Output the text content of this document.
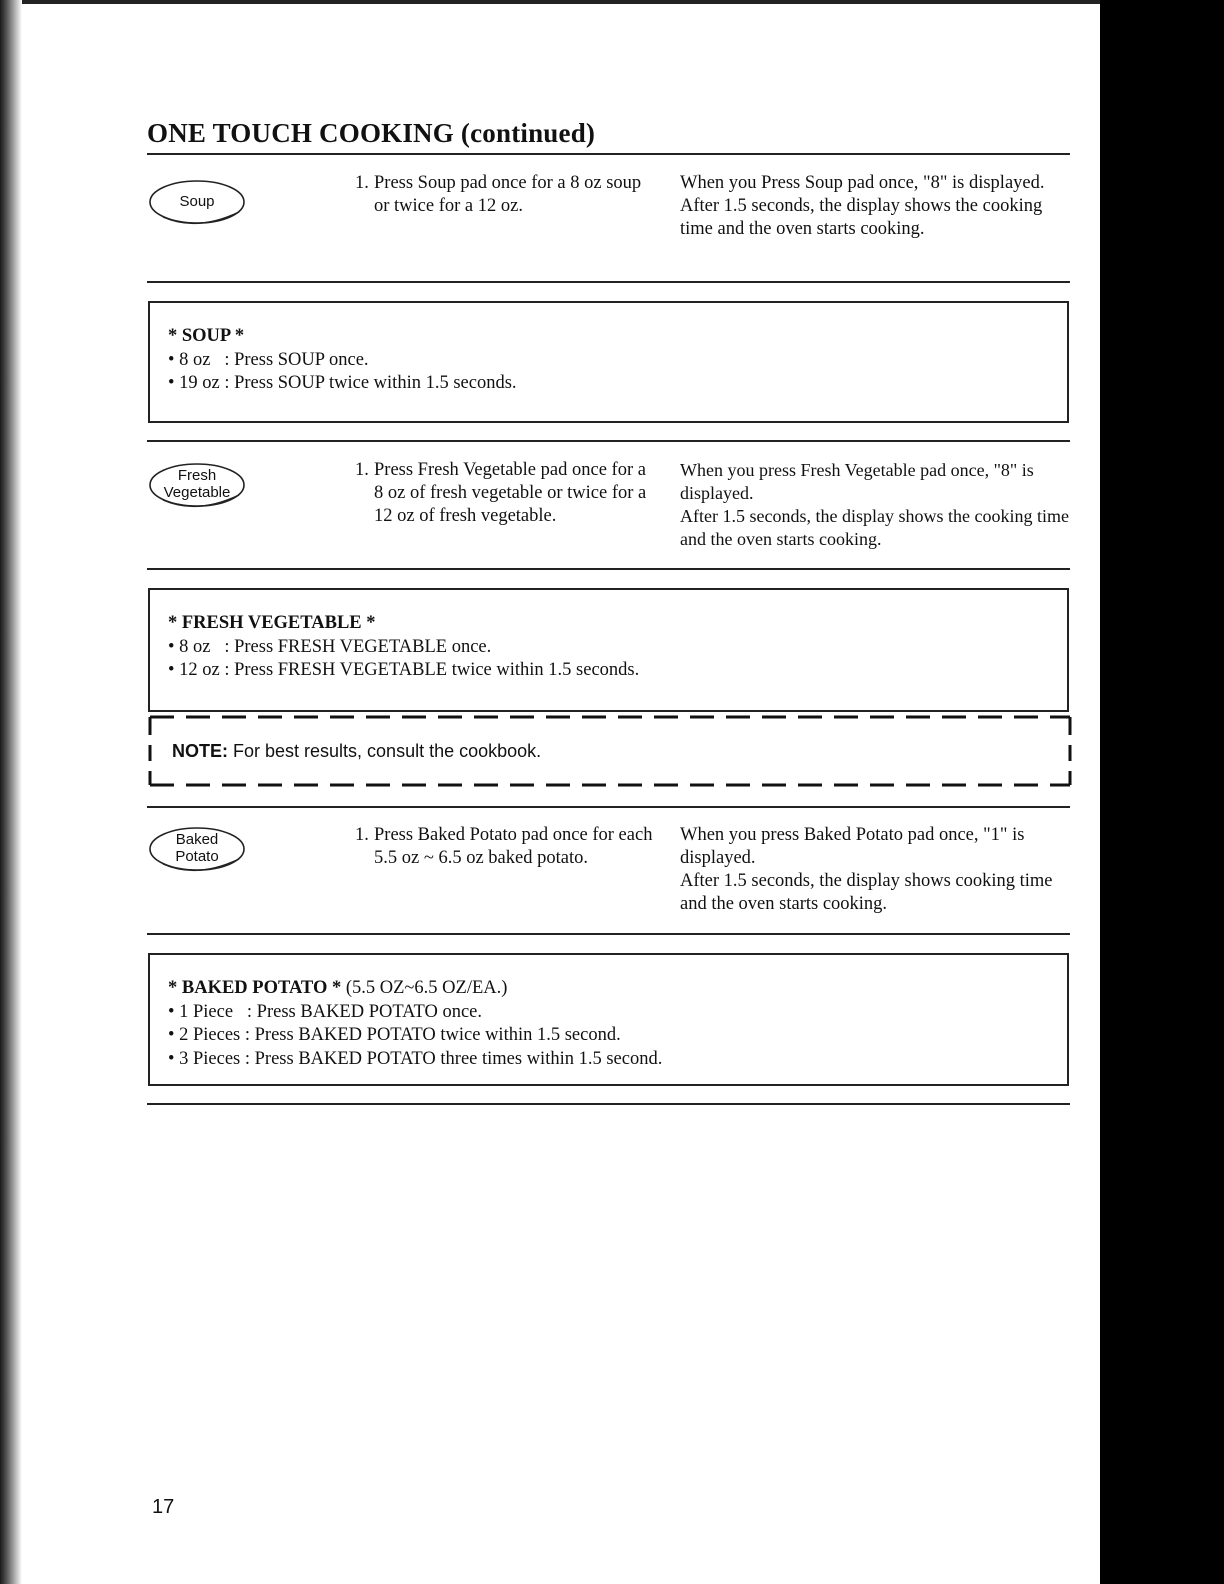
ONE TOUCH COOKING (continued)
Soup
1. Press Soup pad once for a 8 oz soup or twice for a 12 oz.

When you Press Soup pad once, "8" is displayed.

After 1.5 seconds, the display shows the cooking time and the oven starts cooking.

* SOUP *
• 8 oz   : Press SOUP once.
• 19 oz : Press SOUP twice within 1.5 seconds.
Fresh
Vegetable
1. Press Fresh Vegetable pad once for a 8 oz of fresh vegetable or twice for a 12 oz of fresh vegetable.

When you press Fresh Vegetable pad once, "8" is displayed.

After 1.5 seconds, the display shows the cooking time and the oven starts cooking.

* FRESH VEGETABLE *
• 8 oz   : Press FRESH VEGETABLE once.
• 12 oz : Press FRESH VEGETABLE twice within 1.5 seconds.
NOTE: For best results, consult the cookbook.
Baked
Potato
1. Press Baked Potato pad once for each 5.5 oz ~ 6.5 oz baked potato.

When you press Baked Potato pad once, "1" is displayed.

After 1.5 seconds, the display shows cooking time and the oven starts cooking.

* BAKED POTATO * (5.5 OZ~6.5 OZ/EA.)
• 1 Piece   : Press BAKED POTATO once.
• 2 Pieces : Press BAKED POTATO twice within 1.5 second.
• 3 Pieces : Press BAKED POTATO three times within 1.5 second.
17
